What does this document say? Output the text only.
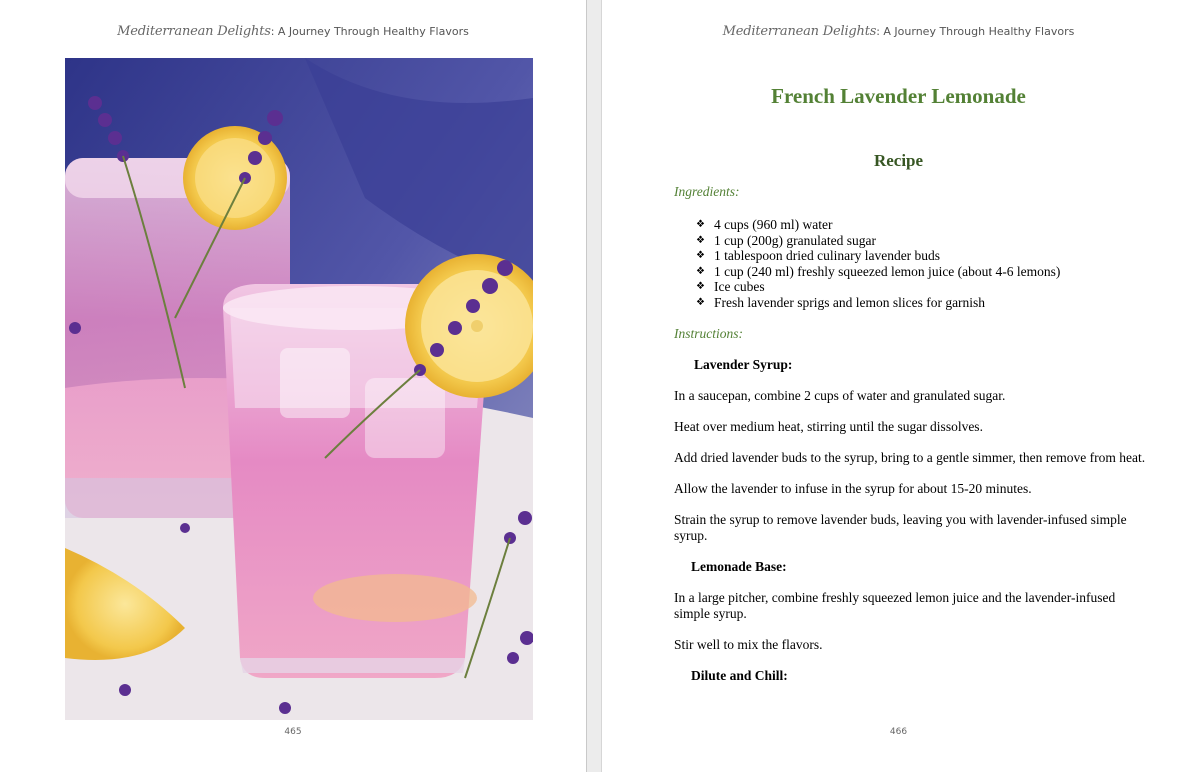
Mediterranean Delights: A Journey Through Healthy Flavors
465
Mediterranean Delights: A Journey Through Healthy Flavors
French Lavender Lemonade
Recipe
Ingredients:
❖ 4 cups (960 ml) water
❖ 1 cup (200g) granulated sugar
❖ 1 tablespoon dried culinary lavender buds
❖ 1 cup (240 ml) freshly squeezed lemon juice (about 4-6 lemons)
❖ Ice cubes
❖ Fresh lavender sprigs and lemon slices for garnish
Instructions:
Lavender Syrup:

In a saucepan, combine 2 cups of water and granulated sugar.

Heat over medium heat, stirring until the sugar dissolves.

Add dried lavender buds to the syrup, bring to a gentle simmer, then remove from heat.

Allow the lavender to infuse in the syrup for about 15-20 minutes.

Strain the syrup to remove lavender buds, leaving you with lavender-infused simple syrup.

Lemonade Base:

In a large pitcher, combine freshly squeezed lemon juice and the lavender-infused simple syrup.

Stir well to mix the flavors.

Dilute and Chill:
466
